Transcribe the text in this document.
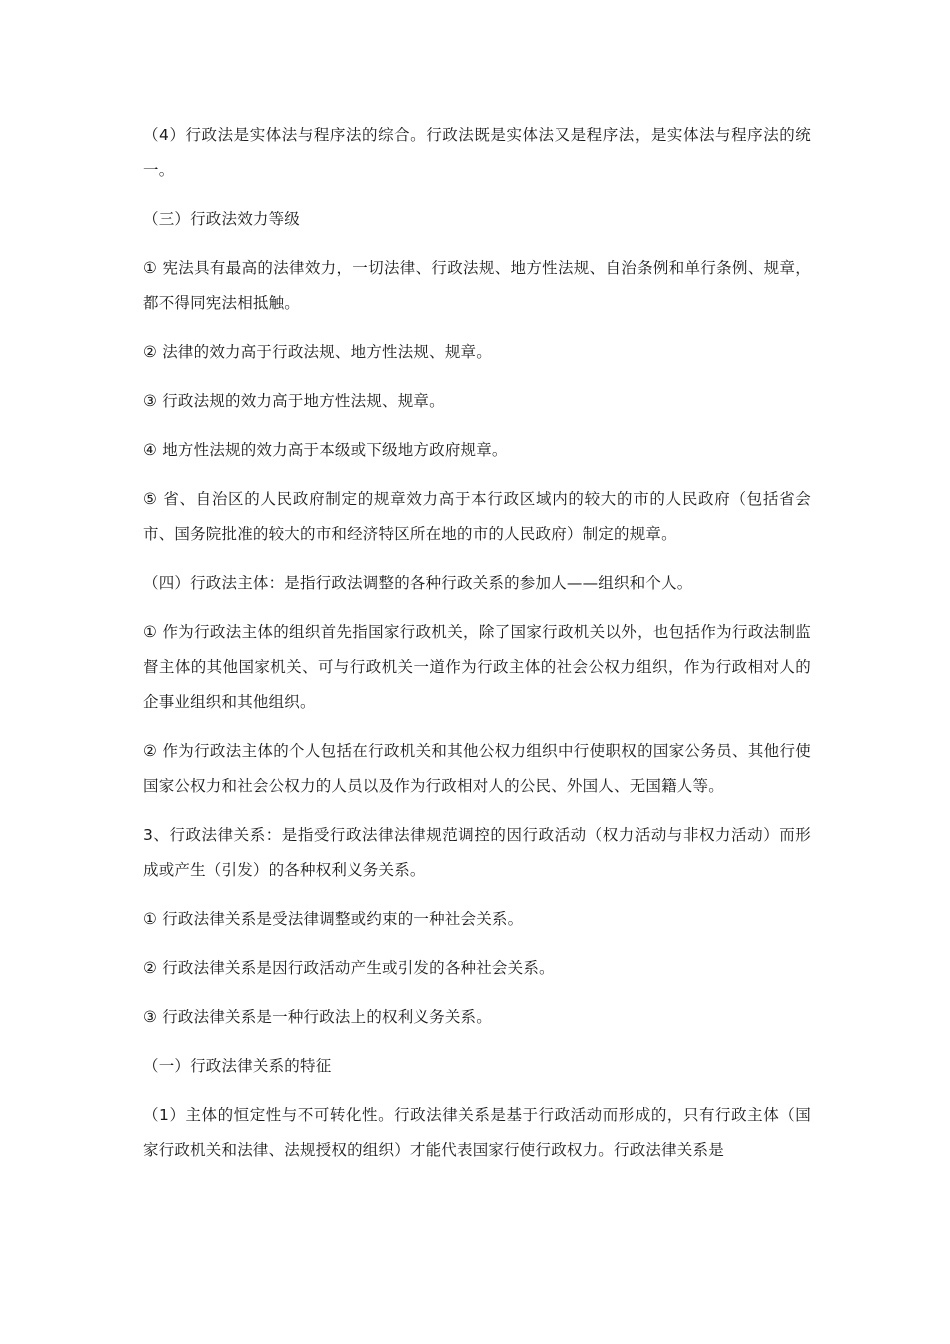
（4）行政法是实体法与程序法的综合。行政法既是实体法又是程序法，是实体法与程序法的统一。

（三）行政法效力等级

① 宪法具有最高的法律效力，一切法律、行政法规、地方性法规、自治条例和单行条例、规章，都不得同宪法相抵触。

② 法律的效力高于行政法规、地方性法规、规章。

③ 行政法规的效力高于地方性法规、规章。

④ 地方性法规的效力高于本级或下级地方政府规章。

⑤ 省、自治区的人民政府制定的规章效力高于本行政区域内的较大的市的人民政府（包括省会市、国务院批准的较大的市和经济特区所在地的市的人民政府）制定的规章。

（四）行政法主体：是指行政法调整的各种行政关系的参加人——组织和个人。

① 作为行政法主体的组织首先指国家行政机关，除了国家行政机关以外，也包括作为行政法制监督主体的其他国家机关、可与行政机关一道作为行政主体的社会公权力组织，作为行政相对人的企事业组织和其他组织。

② 作为行政法主体的个人包括在行政机关和其他公权力组织中行使职权的国家公务员、其他行使国家公权力和社会公权力的人员以及作为行政相对人的公民、外国人、无国籍人等。

3、行政法律关系：是指受行政法律法律规范调控的因行政活动（权力活动与非权力活动）而形成或产生（引发）的各种权利义务关系。

① 行政法律关系是受法律调整或约束的一种社会关系。

② 行政法律关系是因行政活动产生或引发的各种社会关系。

③ 行政法律关系是一种行政法上的权利义务关系。

（一）行政法律关系的特征

（1）主体的恒定性与不可转化性。行政法律关系是基于行政活动而形成的，只有行政主体（国家行政机关和法律、法规授权的组织）才能代表国家行使行政权力。行政法律关系是
